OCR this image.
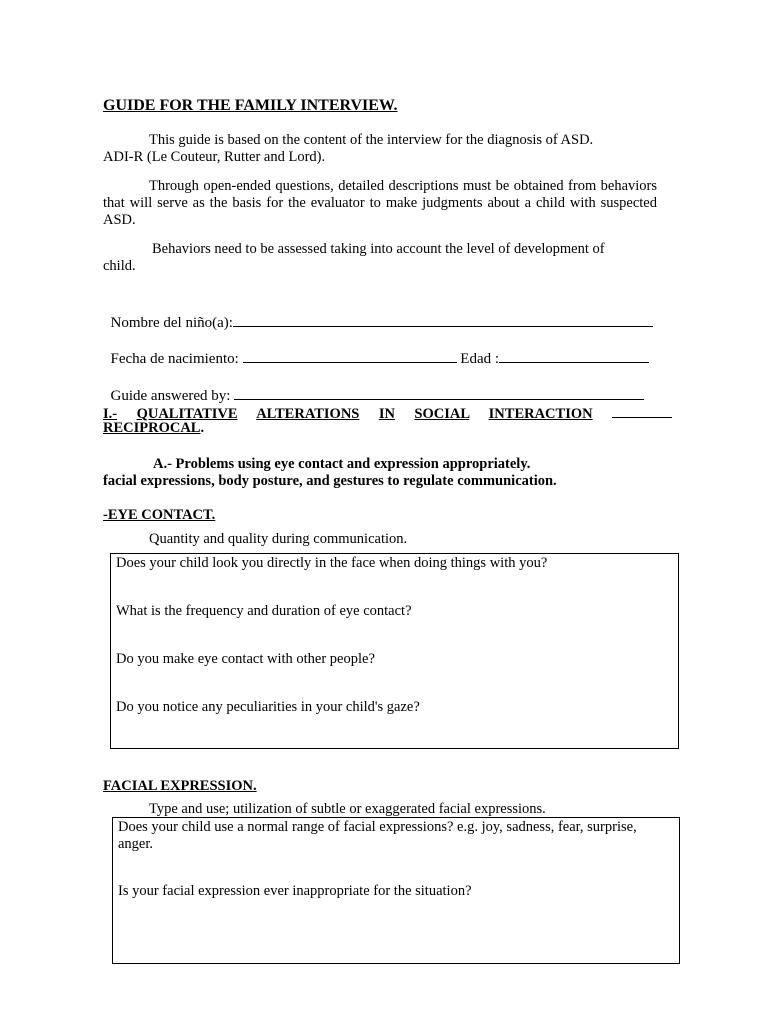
GUIDE FOR THE FAMILY INTERVIEW.
This guide is based on the content of the interview for the diagnosis of ASD.
ADI-R (Le Couteur, Rutter and Lord).
Through open-ended questions, detailed descriptions must be obtained from behaviors that will serve as the basis for the evaluator to make judgments about a child with suspected ASD.
Behaviors need to be assessed taking into account the level of development of
child.

Nombre del niño(a):

Fecha de nacimiento:	Edad :

Guide answered by:

I.- QUALITATIVE ALTERATIONS IN SOCIAL INTERACTION
RECIPROCAL.
A.- Problems using eye contact and expression appropriately.
facial expressions, body posture, and gestures to regulate communication.
-EYE CONTACT.
Quantity and quality during communication.
Does your child look you directly in the face when doing things with you?
What is the frequency and duration of eye contact?
Do you make eye contact with other people?
Do you notice any peculiarities in your child's gaze?
FACIAL EXPRESSION.
Type and use; utilization of subtle or exaggerated facial expressions.
Does your child use a normal range of facial expressions? e.g. joy, sadness, fear, surprise, anger.
Is your facial expression ever inappropriate for the situation?
